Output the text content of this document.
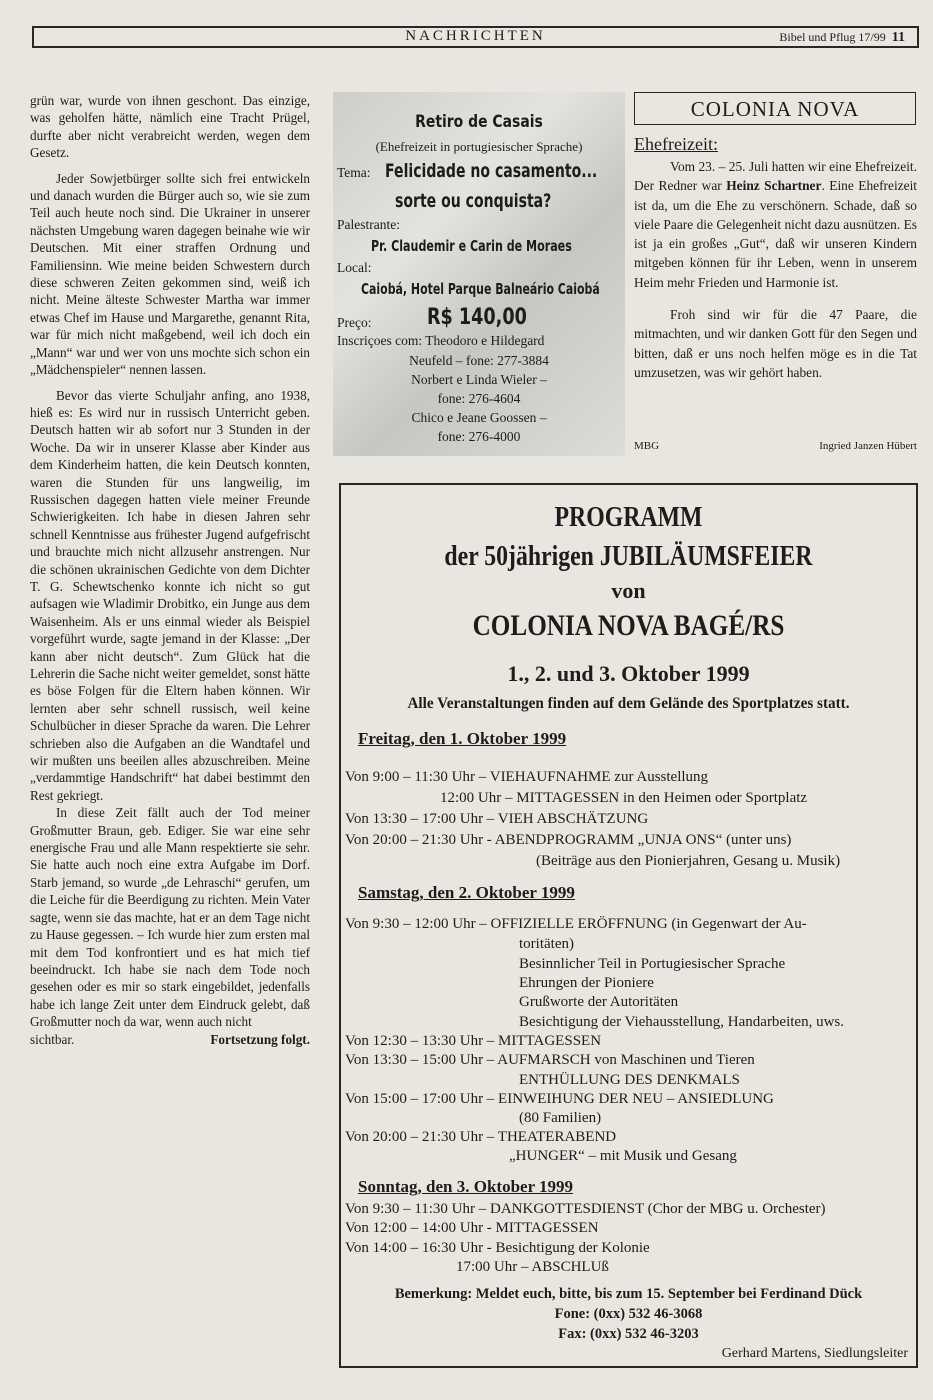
NACHRICHTEN	Bibel und Pflug 17/99 11

grün war, wurde von ihnen geschont. Das einzige, was geholfen hätte, nämlich eine Tracht Prügel, durfte aber nicht verabreicht werden, wegen dem Gesetz.

Jeder Sowjetbürger sollte sich frei entwickeln und danach wurden die Bürger auch so, wie sie zum Teil auch heute noch sind. Die Ukrainer in unserer nächsten Umgebung waren dagegen beinahe wie wir Deutschen. Mit einer straffen Ordnung und Familiensinn. Wie meine beiden Schwestern durch diese schweren Zeiten gekommen sind, weiß ich nicht. Meine älteste Schwester Martha war immer etwas Chef im Hause und Margarethe, genannt Rita, war für mich nicht maßgebend, weil ich doch ein „Mann“ war und wer von uns mochte sich schon ein „Mädchenspieler“ nennen lassen.

Bevor das vierte Schuljahr anfing, ano 1938, hieß es: Es wird nur in russisch Unterricht geben. Deutsch hatten wir ab sofort nur 3 Stunden in der Woche. Da wir in unserer Klasse aber Kinder aus dem Kinderheim hatten, die kein Deutsch konnten, waren die Stunden für uns langweilig, im Russischen dagegen hatten viele meiner Freunde Schwierigkeiten. Ich habe in diesen Jahren sehr schnell Kenntnisse aus frühester Jugend aufgefrischt und brauchte mich nicht allzusehr anstrengen. Nur die schönen ukrainischen Gedichte von dem Dichter T. G. Schewtschenko konnte ich nicht so gut aufsagen wie Wladimir Drobitko, ein Junge aus dem Waisenheim. Als er uns einmal wieder als Beispiel vorgeführt wurde, sagte jemand in der Klasse: „Der kann aber nicht deutsch“. Zum Glück hat die Lehrerin die Sache nicht weiter gemeldet, sonst hätte es böse Folgen für die Eltern haben können. Wir lernten aber sehr schnell russisch, weil keine Schulbücher in dieser Sprache da waren. Die Lehrer schrieben also die Aufgaben an die Wandtafel und wir mußten uns beeilen alles abzuschreiben. Meine „verdammtige Handschrift“ hat dabei bestimmt den Rest gekriegt.

In diese Zeit fällt auch der Tod meiner Großmutter Braun, geb. Ediger. Sie war eine sehr energische Frau und alle Mann respektierte sie sehr. Sie hatte auch noch eine extra Aufgabe im Dorf. Starb jemand, so wurde „de Lehraschi“ gerufen, um die Leiche für die Beerdigung zu richten. Mein Vater sagte, wenn sie das machte, hat er an dem Tage nicht zu Hause gegessen. – Ich wurde hier zum ersten mal mit dem Tod konfrontiert und es hat mich tief beeindruckt. Ich habe sie nach dem Tode noch gesehen oder es mir so stark eingebildet, jedenfalls habe ich lange Zeit unter dem Eindruck gelebt, daß Großmutter noch da war, wenn auch nicht

sichtbar.	Fortsetzung folgt.
Retiro de Casais
(Ehefreizeit in portugiesischer Sprache)
Tema: Felicidade no casamento...
sorte ou conquista?
Palestrante:
Pr. Claudemir e Carin de Moraes
Local:
Caiobá, Hotel Parque Balneário Caiobá
Preço:	R$ 140,00
Inscriçoes com: Theodoro e Hildegard
Neufeld – fone: 277-3884
Norbert e Linda Wieler –
fone: 276-4604
Chico e Jeane Goossen –
fone: 276-4000
COLONIA NOVA
Ehefreizeit:

Vom 23. – 25. Juli hatten wir eine Ehefreizeit. Der Redner war Heinz Schartner. Eine Ehefreizeit ist da, um die Ehe zu verschönern. Schade, daß so viele Paare die Gelegenheit nicht dazu ausnützen. Es ist ja ein großes „Gut“, daß wir unseren Kindern mitgeben können für ihr Leben, wenn in unserem Heim mehr Frieden und Harmonie ist.

Froh sind wir für die 47 Paare, die mitmachten, und wir danken Gott für den Segen und bitten, daß er uns noch helfen möge es in die Tat umzusetzen, was wir gehört haben.

MBG	Ingried Janzen Hübert
PROGRAMM
der 50jährigen JUBILÄUMSFEIER
von
COLONIA NOVA BAGÉ/RS
1., 2. und 3. Oktober 1999
Alle Veranstaltungen finden auf dem Gelände des Sportplatzes statt.
Freitag, den 1. Oktober 1999
Von 9:00 – 11:30 Uhr – VIEHAUFNAHME zur Ausstellung
12:00 Uhr – MITTAGESSEN in den Heimen oder Sportplatz
Von 13:30 – 17:00 Uhr – VIEH ABSCHÄTZUNG
Von 20:00 – 21:30 Uhr - ABENDPROGRAMM „UNJA ONS“ (unter uns)
(Beiträge aus den Pionierjahren, Gesang u. Musik)
Samstag, den 2. Oktober 1999
Von 9:30 – 12:00 Uhr – OFFIZIELLE ERÖFFNUNG (in Gegenwart der Au-
toritäten)
Besinnlicher Teil in Portugiesischer Sprache
Ehrungen der Pioniere
Grußworte der Autoritäten
Besichtigung der Viehausstellung, Handarbeiten, uws.
Von 12:30 – 13:30 Uhr – MITTAGESSEN
Von 13:30 – 15:00 Uhr – AUFMARSCH von Maschinen und Tieren
ENTHÜLLUNG DES DENKMALS
Von 15:00 – 17:00 Uhr – EINWEIHUNG DER NEU – ANSIEDLUNG
(80 Familien)
Von 20:00 – 21:30 Uhr – THEATERABEND
„HUNGER“ – mit Musik und Gesang
Sonntag, den 3. Oktober 1999
Von 9:30 – 11:30 Uhr – DANKGOTTESDIENST (Chor der MBG u. Orchester)
Von 12:00 – 14:00 Uhr - MITTAGESSEN
Von 14:00 – 16:30 Uhr - Besichtigung der Kolonie
17:00 Uhr – ABSCHLUß
Bemerkung: Meldet euch, bitte, bis zum 15. September bei Ferdinand Dück
Fone: (0xx) 532 46-3068
Fax: (0xx) 532 46-3203
Gerhard Martens, Siedlungsleiter
